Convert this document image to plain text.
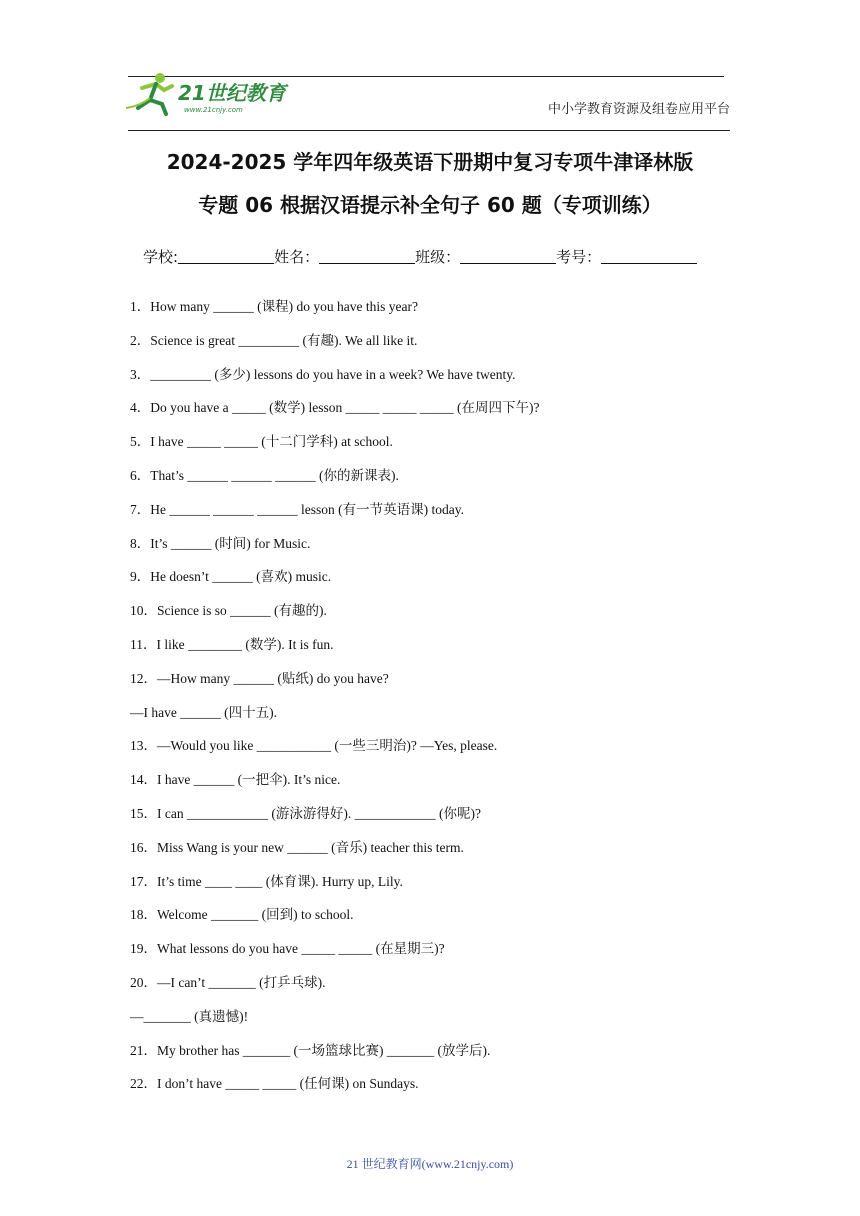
21世纪教育
www.21cnjy.com	中小学教育资源及组卷应用平台
2024-2025 学年四年级英语下册期中复习专项牛津译林版
专题 06 根据汉语提示补全句子 60 题（专项训练）
学校:	姓名：	班级：	考号：
1．How many ______ (课程) do you have this year?
2．Science is great _________ (有趣). We all like it.
3．_________ (多少) lessons do you have in a week? We have twenty.
4．Do you have a _____ (数学) lesson _____ _____ _____ (在周四下午)?
5．I have _____ _____ (十二门学科) at school.
6．That’s ______ ______ ______ (你的新课表).
7．He ______ ______ ______ lesson (有一节英语课) today.
8．It’s ______ (时间) for Music.
9．He doesn’t ______ (喜欢) music.
10．Science is so ______ (有趣的).
11．I like ________ (数学). It is fun.
12．—How many ______ (贴纸) do you have?
—I have ______ (四十五).
13．—Would you like ___________ (一些三明治)? —Yes, please.
14．I have ______ (一把伞). It’s nice.
15．I can ____________ (游泳游得好). ____________ (你呢)?
16．Miss Wang is your new ______ (音乐) teacher this term.
17．It’s time ____ ____ (体育课). Hurry up, Lily.
18．Welcome _______ (回到) to school.
19．What lessons do you have _____ _____ (在星期三)?
20．—I can’t _______ (打乒乓球).
—_______ (真遗憾)!
21．My brother has _______ (一场篮球比赛) _______ (放学后).
22．I don’t have _____ _____ (任何课) on Sundays.
21 世纪教育网(www.21cnjy.com)
